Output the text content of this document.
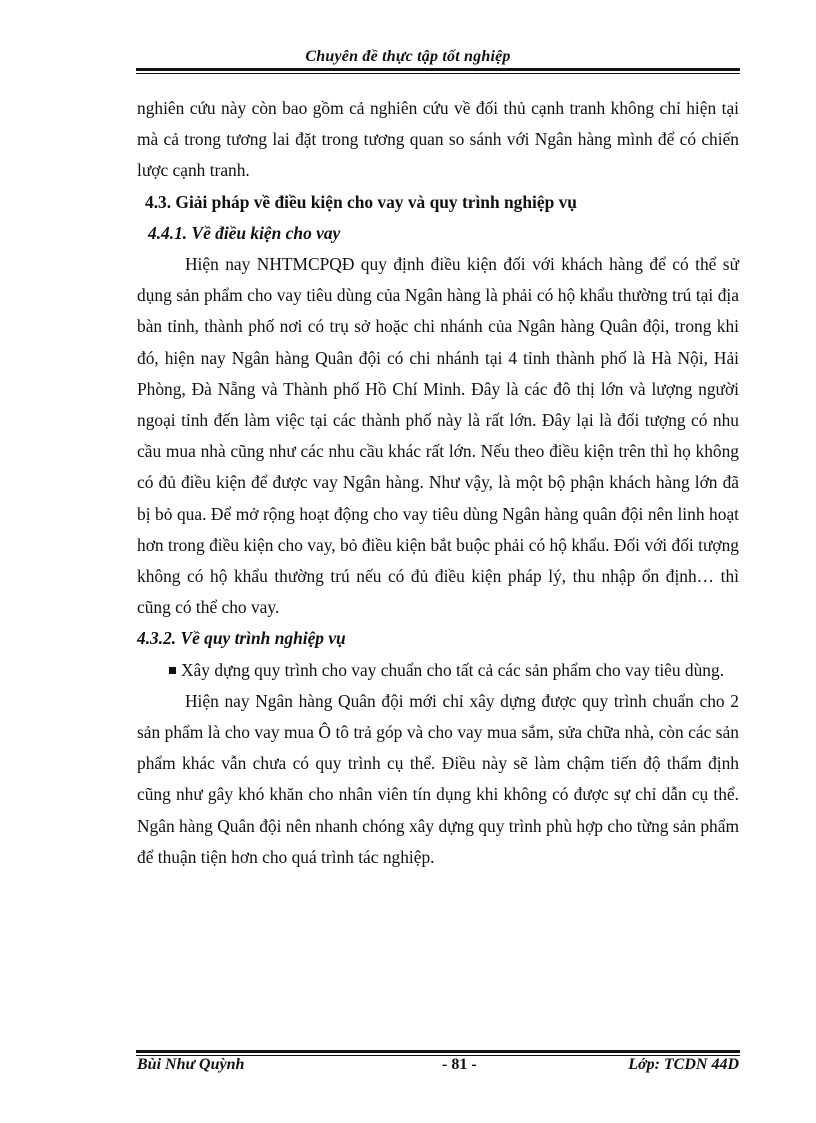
Chuyên đề thực tập tốt nghiệp

nghiên cứu này còn bao gồm cả nghiên cứu về đối thủ cạnh tranh không chỉ hiện tại mà cả trong tương lai đặt trong tương quan so sánh với Ngân hàng mình để có chiến lược cạnh tranh.

4.3. Giải pháp về điều kiện cho vay và quy trình nghiệp vụ

4.4.1. Về điều kiện cho vay

Hiện nay NHTMCPQĐ quy định điều kiện đối với khách hàng để có thể sử dụng sản phẩm cho vay tiêu dùng của Ngân hàng là phải có hộ khẩu thường trú tại địa bàn tỉnh, thành phố nơi có trụ sở hoặc chi nhánh của Ngân hàng Quân đội, trong khi đó, hiện nay Ngân hàng Quân đội có chi nhánh tại 4 tỉnh thành phố là Hà Nội, Hải Phòng, Đà Nẵng và Thành phố Hồ Chí Minh. Đây là các đô thị lớn và lượng người ngoại tỉnh đến làm việc tại các thành phố này là rất lớn. Đây lại là đối tượng có nhu cầu mua nhà cũng như các nhu cầu khác rất lớn. Nếu theo điều kiện trên thì họ không có đủ điều kiện để được vay Ngân hàng. Như vậy, là một bộ phận khách hàng lớn đã bị bỏ qua. Để mở rộng hoạt động cho vay tiêu dùng Ngân hàng quân đội nên linh hoạt hơn trong điều kiện cho vay, bỏ điều kiện bắt buộc phải có hộ khẩu. Đối với đối tượng không có hộ khẩu thường trú nếu có đủ điều kiện pháp lý, thu nhập ổn định… thì cũng có thể cho vay.

4.3.2. Về quy trình nghiệp vụ

Xây dựng quy trình cho vay chuẩn cho tất cả các sản phẩm cho vay tiêu dùng.

Hiện nay Ngân hàng Quân đội mới chỉ xây dựng được quy trình chuẩn cho 2 sản phẩm là cho vay mua Ô tô trả góp và cho vay mua sắm, sửa chữa nhà, còn các sản phẩm khác vẫn chưa có quy trình cụ thể. Điều này sẽ làm chậm tiến độ thẩm định cũng như gây khó khăn cho nhân viên tín dụng khi không có được sự chỉ dẫn cụ thể. Ngân hàng Quân đội nên nhanh chóng xây dựng quy trình phù hợp cho từng sản phẩm để thuận tiện hơn cho quá trình tác nghiệp.

Bùi Như Quỳnh	- 81 -	Lớp: TCDN 44D
